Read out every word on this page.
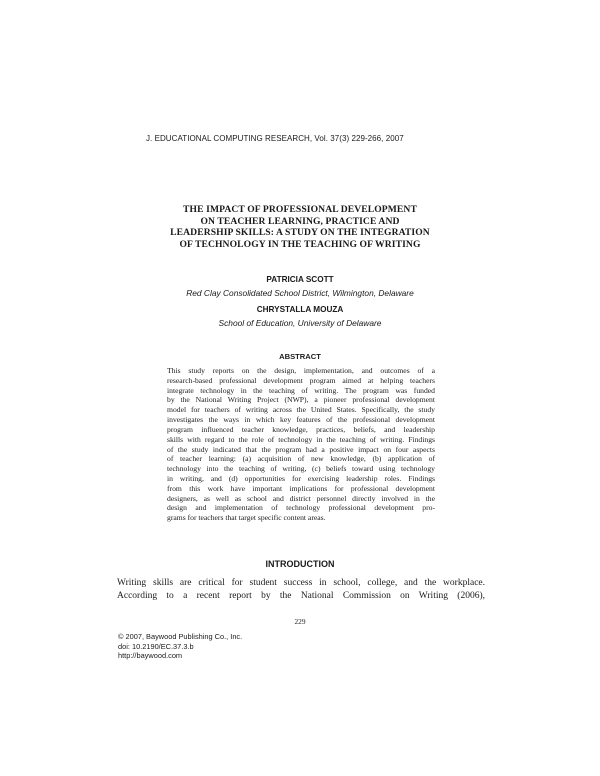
J. EDUCATIONAL COMPUTING RESEARCH, Vol. 37(3) 229-266, 2007
THE IMPACT OF PROFESSIONAL DEVELOPMENT
ON TEACHER LEARNING, PRACTICE AND
LEADERSHIP SKILLS: A STUDY ON THE INTEGRATION
OF TECHNOLOGY IN THE TEACHING OF WRITING
PATRICIA SCOTT
Red Clay Consolidated School District, Wilmington, Delaware
CHRYSTALLA MOUZA
School of Education, University of Delaware
ABSTRACT
This study reports on the design, implementation, and outcomes of a
research-based professional development program aimed at helping teachers
integrate technology in the teaching of writing. The program was funded
by the National Writing Project (NWP), a pioneer professional development
model for teachers of writing across the United States. Specifically, the study
investigates the ways in which key features of the professional development
program influenced teacher knowledge, practices, beliefs, and leadership
skills with regard to the role of technology in the teaching of writing. Findings
of the study indicated that the program had a positive impact on four aspects
of teacher learning: (a) acquisition of new knowledge, (b) application of
technology into the teaching of writing, (c) beliefs toward using technology
in writing, and (d) opportunities for exercising leadership roles. Findings
from this work have important implications for professional development
designers, as well as school and district personnel directly involved in the
design and implementation of technology professional development pro-
grams for teachers that target specific content areas.
INTRODUCTION
Writing skills are critical for student success in school, college, and the workplace.
According to a recent report by the National Commission on Writing (2006),
229
© 2007, Baywood Publishing Co., Inc.
doi: 10.2190/EC.37.3.b
http://baywood.com
